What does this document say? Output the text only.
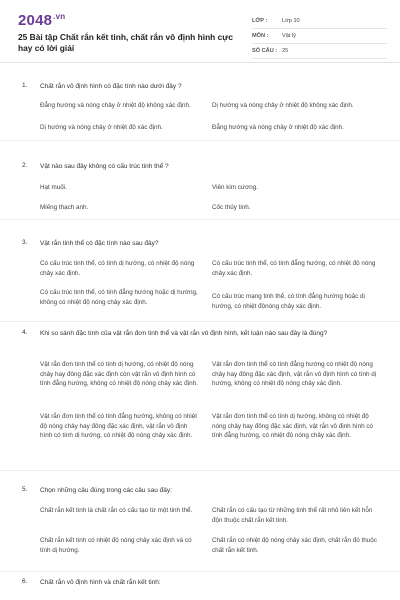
$2048^{.vn}$
25 Bài tập Chất rắn kết tinh, chất rắn vô định hình cực hay có lời giải
LỚP :	Lớp 10
MÔN :	Vật lý
SỐ CÂU : 25
1. Chất rắn vô định hình có đặc tính nào dưới đây ?
Đẳng hướng và nóng chảy ở nhiệt độ không xác định.	Dị hướng và nóng chảy ở nhiệt độ không xác định.
Dị hướng và nóng chảy ở nhiệt độ xác định.	Đẳng hướng và nóng chảy ở nhiệt độ xác định.
2. Vật nào sau đây không có cấu trúc tinh thể ?
Hạt muối.	Viên kim cương.
Miếng thạch anh.	Cốc thủy tinh.
3. Vật rắn tinh thể có đặc tính nào sau đây?
Có cấu trúc tinh thể, có tính dị hướng, có nhiệt độ nóng chảy xác định.
Có cấu trúc tinh thể, có tính đẳng hướng, có nhiệt độ nóng chảy xác định.
Có cấu trúc tinh thể, có tính đẳng hướng hoặc dị hướng, không có nhiệt độ nóng chảy xác định.
Có cấu trúc mạng tinh thể, có tính đẳng hướng hoặc dị hướng, có nhiệt độnóng chảy xác định.
4. Khi so sánh đặc tính của vật rắn đơn tinh thể và vật rắn vô định hình, kết luận nào sau đây là đúng?
Vật rắn đơn tinh thể có tính dị hướng, có nhiệt độ nóng chảy hay đông đặc xác định còn vật rắn vô định hình có tính đẳng hướng, không có nhiệt độ nóng chảy xác định.
Vật rắn đơn tinh thể có tính đẳng hướng có nhiệt độ nóng chảy hay đông đặc xác định, vật rắn vô định hình có tính dị hướng, không có nhiệt độ nóng chảy xác định.
Vật rắn đơn tinh thể có tính đẳng hướng, không có nhiệt độ nóng chảy hay đông đặc xác định, vật rắn vô định hình có tính dị hướng, có nhiệt độ nóng chảy xác định.
Vật rắn đơn tinh thể có tính dị hướng, không có nhiệt độ nóng chảy hay đông đặc xác định, vật rắn vô định hình có tính đẳng hướng, có nhiệt độ nóng chảy xác định.
5. Chọn những câu đúng trong các câu sau đây:
Chất rắn kết tinh là chất rắn có cấu tạo từ một tinh thể.	Chất rắn có cấu tạo từ những tinh thể rất nhỏ liên kết hỗn độn thuộc chất rắn kết tinh.
Chất rắn kết tinh có nhiệt độ nóng chảy xác định và có tính dị hướng.
Chất rắn có nhiệt độ nóng chảy xác định, chất rắn đó thuộc chất rắn kết tinh.
6. Chất rắn vô định hình và chất rắn kết tinh:
